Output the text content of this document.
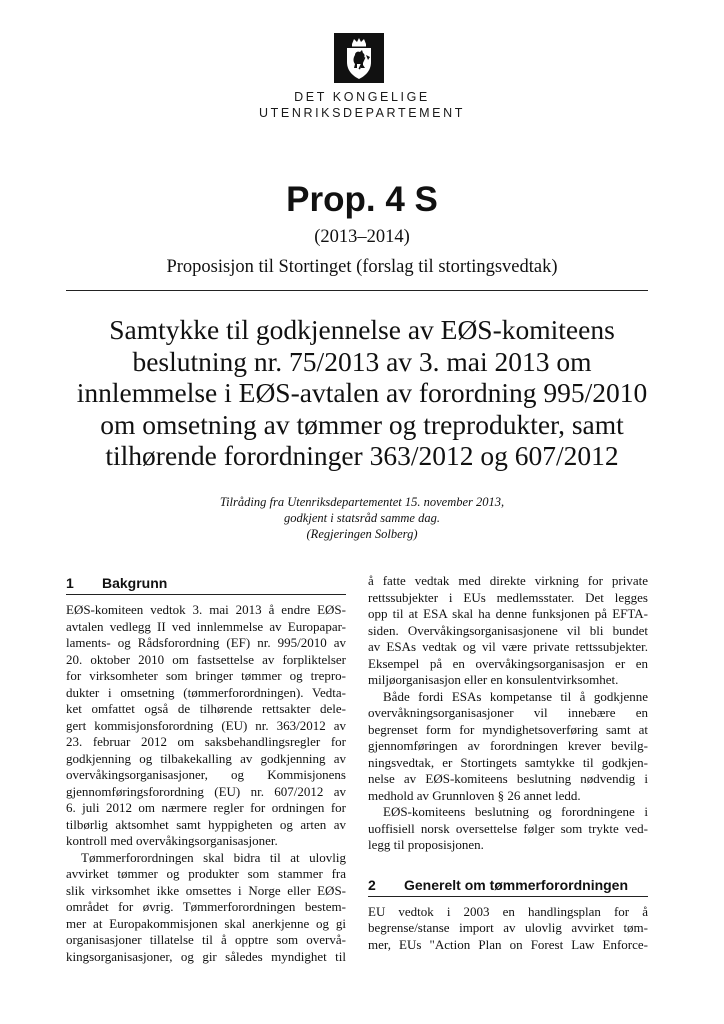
DET KONGELIGE
UTENRIKSDEPARTEMENT
Prop. 4 S
(2013–2014)
Proposisjon til Stortinget (forslag til stortingsvedtak)
Samtykke til godkjennelse av EØS-komiteens
beslutning nr. 75/2013 av 3. mai 2013 om
innlemmelse i EØS-avtalen av forordning 995/2010
om omsetning av tømmer og treprodukter, samt
tilhørende forordninger 363/2012 og 607/2012
Tilråding fra Utenriksdepartementet 15. november 2013,
godkjent i statsråd samme dag.
(Regjeringen Solberg)
1 Bakgrunn
EØS-komiteen vedtok 3. mai 2013 å endre EØS-
avtalen vedlegg II ved innlemmelse av Europapar-
laments- og Rådsforordning (EF) nr. 995/2010 av
20. oktober 2010 om fastsettelse av forpliktelser
for virksomheter som bringer tømmer og trepro-
dukter i omsetning (tømmerforordningen). Vedta-
ket omfattet også de tilhørende rettsakter dele-
gert kommisjonsforordning (EU) nr. 363/2012 av
23. februar 2012 om saksbehandlingsregler for
godkjenning og tilbakekalling av godkjenning av
overvåkingsorganisasjoner, og Kommisjonens
gjennomføringsforordning (EU) nr. 607/2012 av
6. juli 2012 om nærmere regler for ordningen for
tilbørlig aktsomhet samt hyppigheten og arten av
kontroll med overvåkingsorganisasjoner.
Tømmerforordningen skal bidra til at ulovlig
avvirket tømmer og produkter som stammer fra
slik virksomhet ikke omsettes i Norge eller EØS-
området for øvrig. Tømmerforordningen bestem-
mer at Europakommisjonen skal anerkjenne og gi
organisasjoner tillatelse til å opptre som overvå-
kingsorganisasjoner, og gir således myndighet til
å fatte vedtak med direkte virkning for private
rettssubjekter i EUs medlemsstater. Det legges
opp til at ESA skal ha denne funksjonen på EFTA-
siden. Overvåkingsorganisasjonene vil bli bundet
av ESAs vedtak og vil være private rettssubjekter.
Eksempel på en overvåkingsorganisasjon er en
miljøorganisasjon eller en konsulentvirksomhet.
Både fordi ESAs kompetanse til å godkjenne
overvåkningsorganisasjoner vil innebære en
begrenset form for myndighetsoverføring samt at
gjennomføringen av forordningen krever bevilg-
ningsvedtak, er Stortingets samtykke til godkjen-
nelse av EØS-komiteens beslutning nødvendig i
medhold av Grunnloven § 26 annet ledd.
EØS-komiteens beslutning og forordningene i
uoffisiell norsk oversettelse følger som trykte ved-
legg til proposisjonen.
2 Generelt om tømmerforordningen
EU vedtok i 2003 en handlingsplan for å
begrense/stanse import av ulovlig avvirket tøm-
mer, EUs "Action Plan on Forest Law Enforce-
